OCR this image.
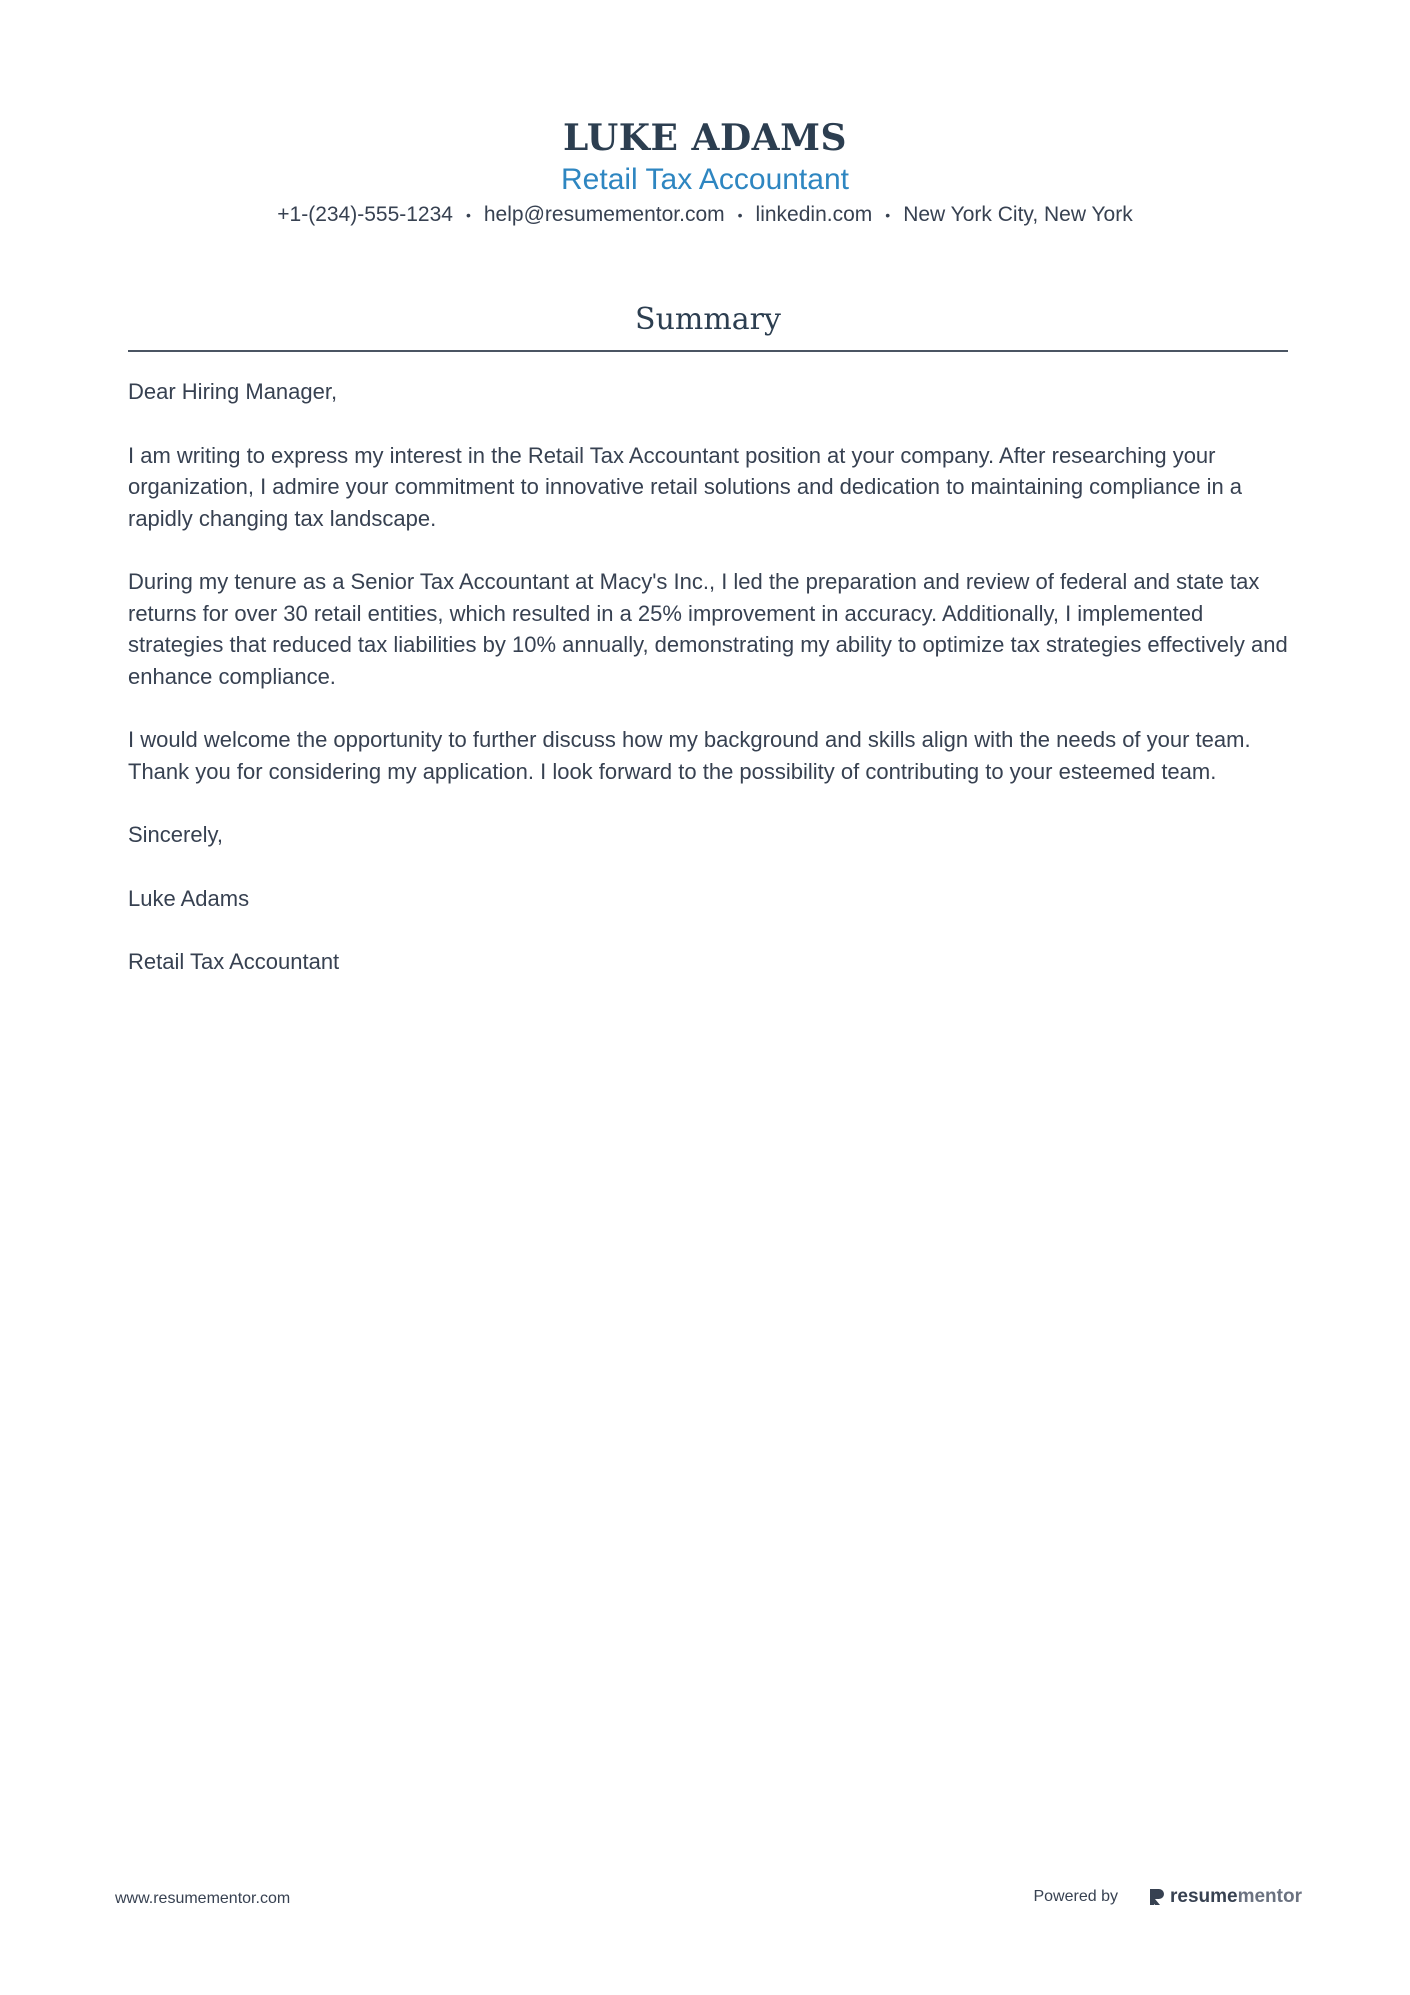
LUKE ADAMS
Retail Tax Accountant
+1-(234)-555-1234 • help@resumementor.com • linkedin.com • New York City, New York
Summary

Dear Hiring Manager,

I am writing to express my interest in the Retail Tax Accountant position at your company. After researching your organization, I admire your commitment to innovative retail solutions and dedication to maintaining compliance in a rapidly changing tax landscape.

During my tenure as a Senior Tax Accountant at Macy's Inc., I led the preparation and review of federal and state tax returns for over 30 retail entities, which resulted in a 25% improvement in accuracy. Additionally, I implemented strategies that reduced tax liabilities by 10% annually, demonstrating my ability to optimize tax strategies effectively and enhance compliance.

I would welcome the opportunity to further discuss how my background and skills align with the needs of your team. Thank you for considering my application. I look forward to the possibility of contributing to your esteemed team.

Sincerely,

Luke Adams

Retail Tax Accountant

www.resumementor.com	Powered by	resume mentor
